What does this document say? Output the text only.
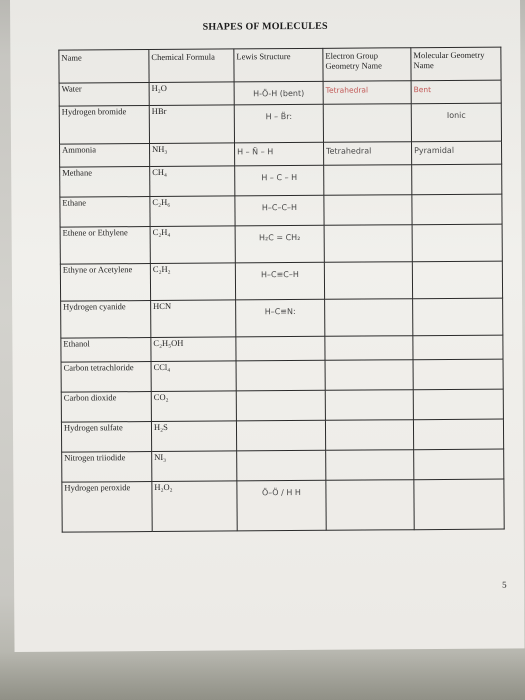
SHAPES OF MOLECULES
Name	Chemical Formula	Lewis Structure	Electron Group Geometry Name	Molecular Geometry Name
Water	H₂O	H‑Ö‑H (bent)	Tetrahedral	Bent

Hydrogen bromide	HBr	H – B̈r:		Ionic

Ammonia	NH₃	H – N̈ – H	Tetrahedral	Pyramidal

Methane	CH₄	H – C – H		

Ethane	C₂H₆	H–C–C–H		

Ethene or Ethylene	C₂H₄	H₂C = CH₂		

Ethyne or Acetylene	C₂H₂	H–C≡C–H		

Hydrogen cyanide	HCN	H–C≡N:		

Ethanol	C₂H₅OH			
Carbon tetrachloride	CCl₄			
Carbon dioxide	CO₂			
Hydrogen sulfate	H₂S			
Nitrogen triiodide	NI₃			
Hydrogen peroxide	H₂O₂	Ö–Ö / H H		

5
